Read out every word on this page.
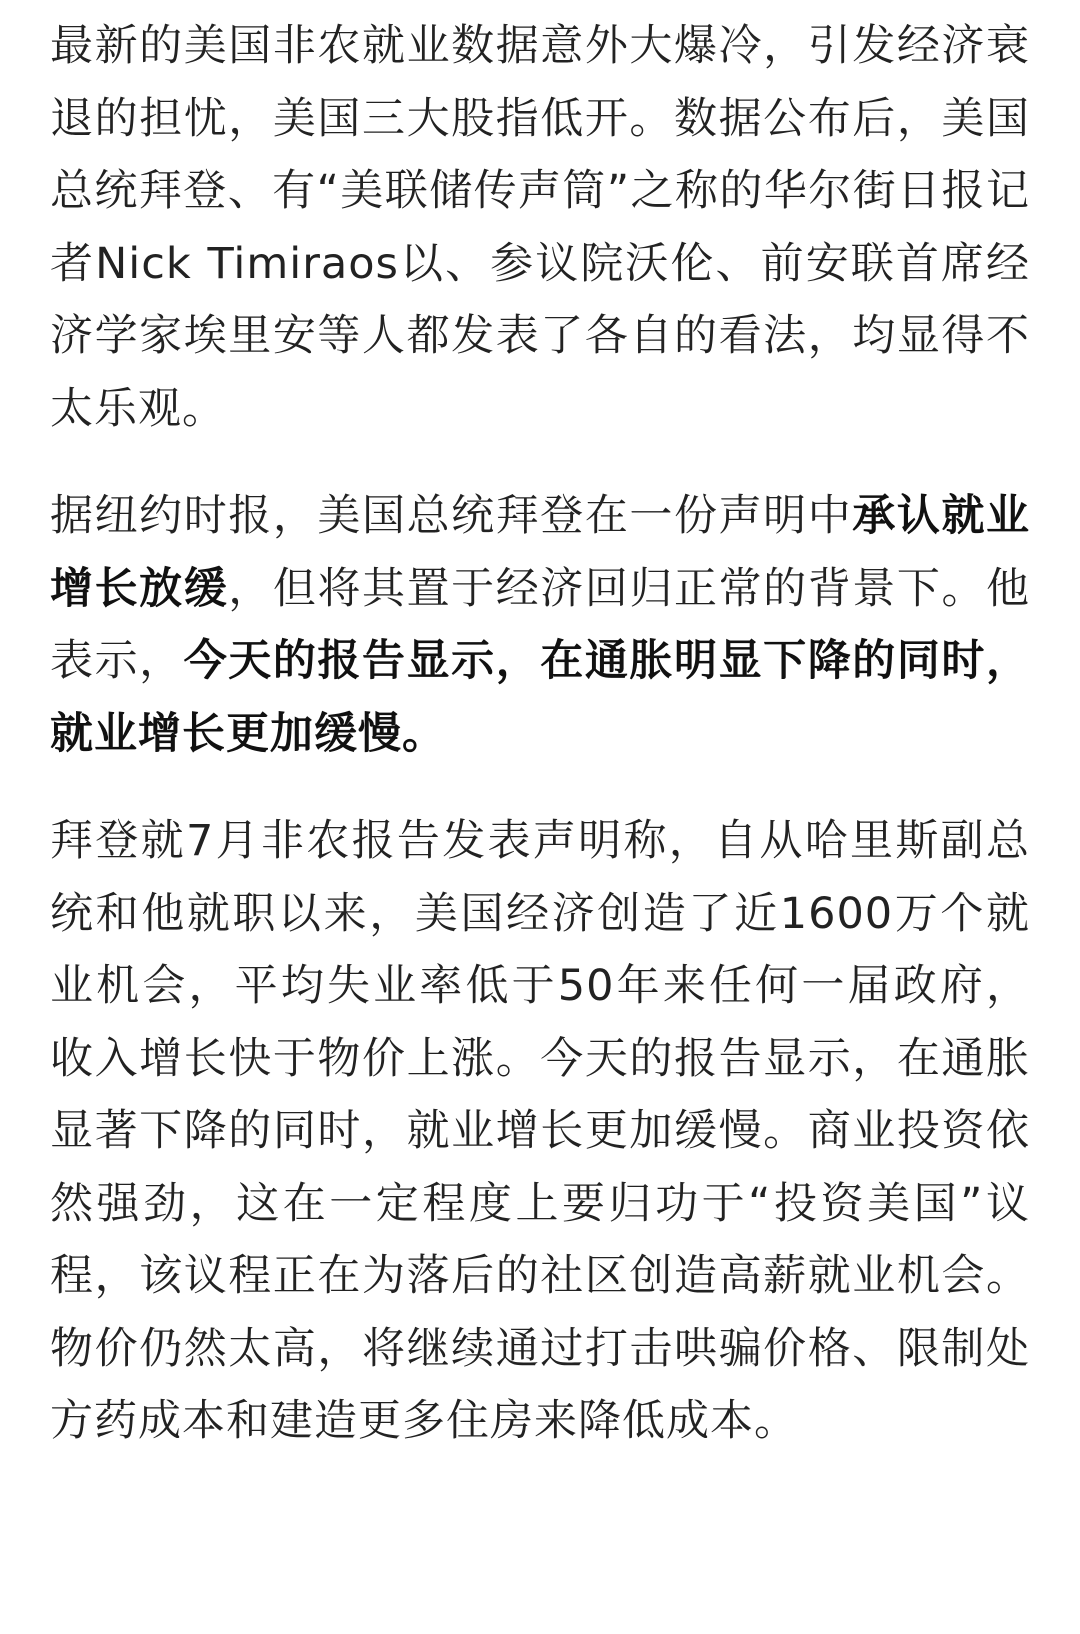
最新的美国非农就业数据意外大爆冷，引发经济衰退的担忧，美国三大股指低开。数据公布后，美国总统拜登、有“美联储传声筒”之称的华尔街日报记者Nick Timiraos以、参议院沃伦、前安联首席经济学家埃里安等人都发表了各自的看法，均显得不太乐观。

据纽约时报，美国总统拜登在一份声明中承认就业增长放缓，但将其置于经济回归正常的背景下。他表示，今天的报告显示，在通胀明显下降的同时，就业增长更加缓慢。

拜登就7月非农报告发表声明称，自从哈里斯副总统和他就职以来，美国经济创造了近1600万个就业机会，平均失业率低于50年来任何一届政府，收入增长快于物价上涨。今天的报告显示，在通胀显著下降的同时，就业增长更加缓慢。商业投资依然强劲，这在一定程度上要归功于“投资美国”议程，该议程正在为落后的社区创造高薪就业机会。物价仍然太高，将继续通过打击哄骗价格、限制处方药成本和建造更多住房来降低成本。
